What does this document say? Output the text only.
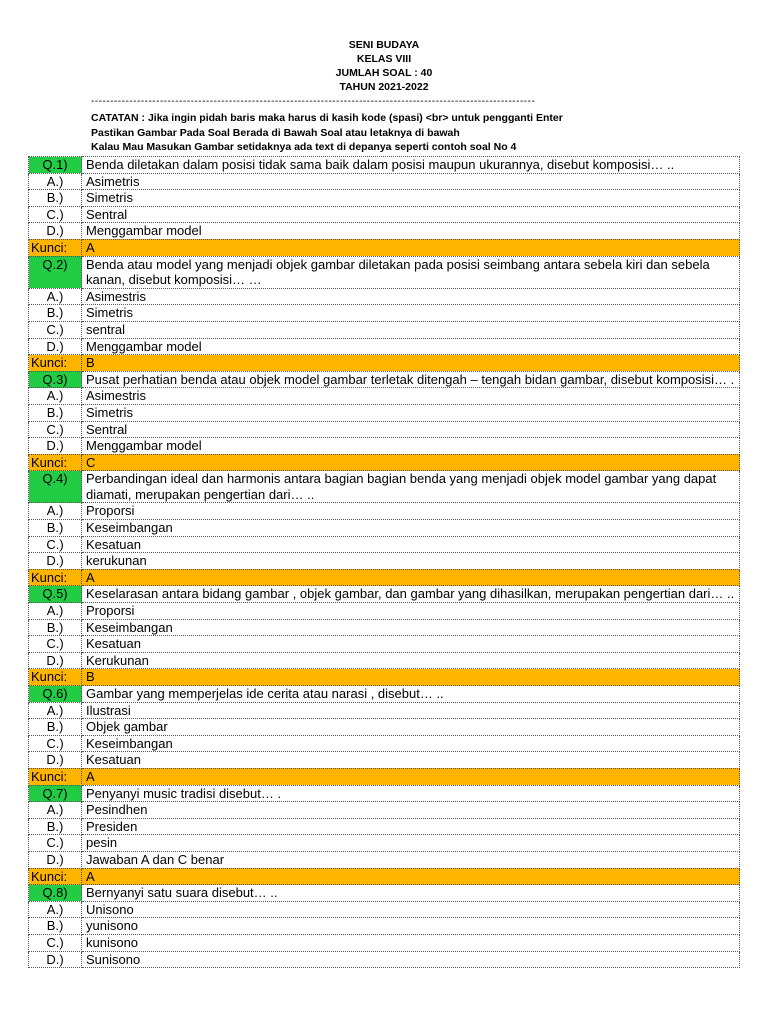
SENI BUDAYA
KELAS VIII
JUMLAH SOAL : 40
TAHUN 2021-2022
--------------------------------------------------------------------------------------------------------------------
CATATAN : Jika ingin pidah baris maka harus di kasih kode (spasi) <br> untuk pengganti Enter
Pastikan Gambar Pada Soal Berada di Bawah Soal atau letaknya di bawah
Kalau Mau Masukan Gambar setidaknya ada text di depanya seperti contoh soal No 4
Q.1)	Benda diletakan dalam posisi tidak sama baik dalam posisi maupun ukurannya, disebut komposisi… ..
A.)	Asimetris
B.)	Simetris
C.)	Sentral
D.)	Menggambar model
Kunci:	A
Q.2)	Benda atau model yang menjadi objek gambar diletakan pada posisi seimbang antara sebela kiri dan sebela kanan, disebut komposisi… …
A.)	Asimestris
B.)	Simetris
C.)	sentral
D.)	Menggambar model
Kunci:	B
Q.3)	Pusat perhatian benda atau objek model gambar terletak ditengah – tengah bidan gambar, disebut komposisi… .
A.)	Asimestris
B.)	Simetris
C.)	Sentral
D.)	Menggambar model
Kunci:	C
Q.4)	Perbandingan ideal dan harmonis antara bagian bagian benda yang menjadi objek model gambar yang dapat diamati, merupakan pengertian dari… ..
A.)	Proporsi
B.)	Keseimbangan
C.)	Kesatuan
D.)	kerukunan
Kunci:	A
Q.5)	Keselarasan antara bidang gambar , objek gambar, dan gambar yang dihasilkan, merupakan pengertian dari… ..
A.)	Proporsi
B.)	Keseimbangan
C.)	Kesatuan
D.)	Kerukunan
Kunci:	B
Q.6)	Gambar yang memperjelas ide cerita atau narasi , disebut… ..
A.)	Ilustrasi
B.)	Objek gambar
C.)	Keseimbangan
D.)	Kesatuan
Kunci:	A
Q.7)	Penyanyi music tradisi disebut… .
A.)	Pesindhen
B.)	Presiden
C.)	pesin
D.)	Jawaban A dan C benar
Kunci:	A
Q.8)	Bernyanyi satu suara disebut… ..
A.)	Unisono
B.)	yunisono
C.)	kunisono
D.)	Sunisono
